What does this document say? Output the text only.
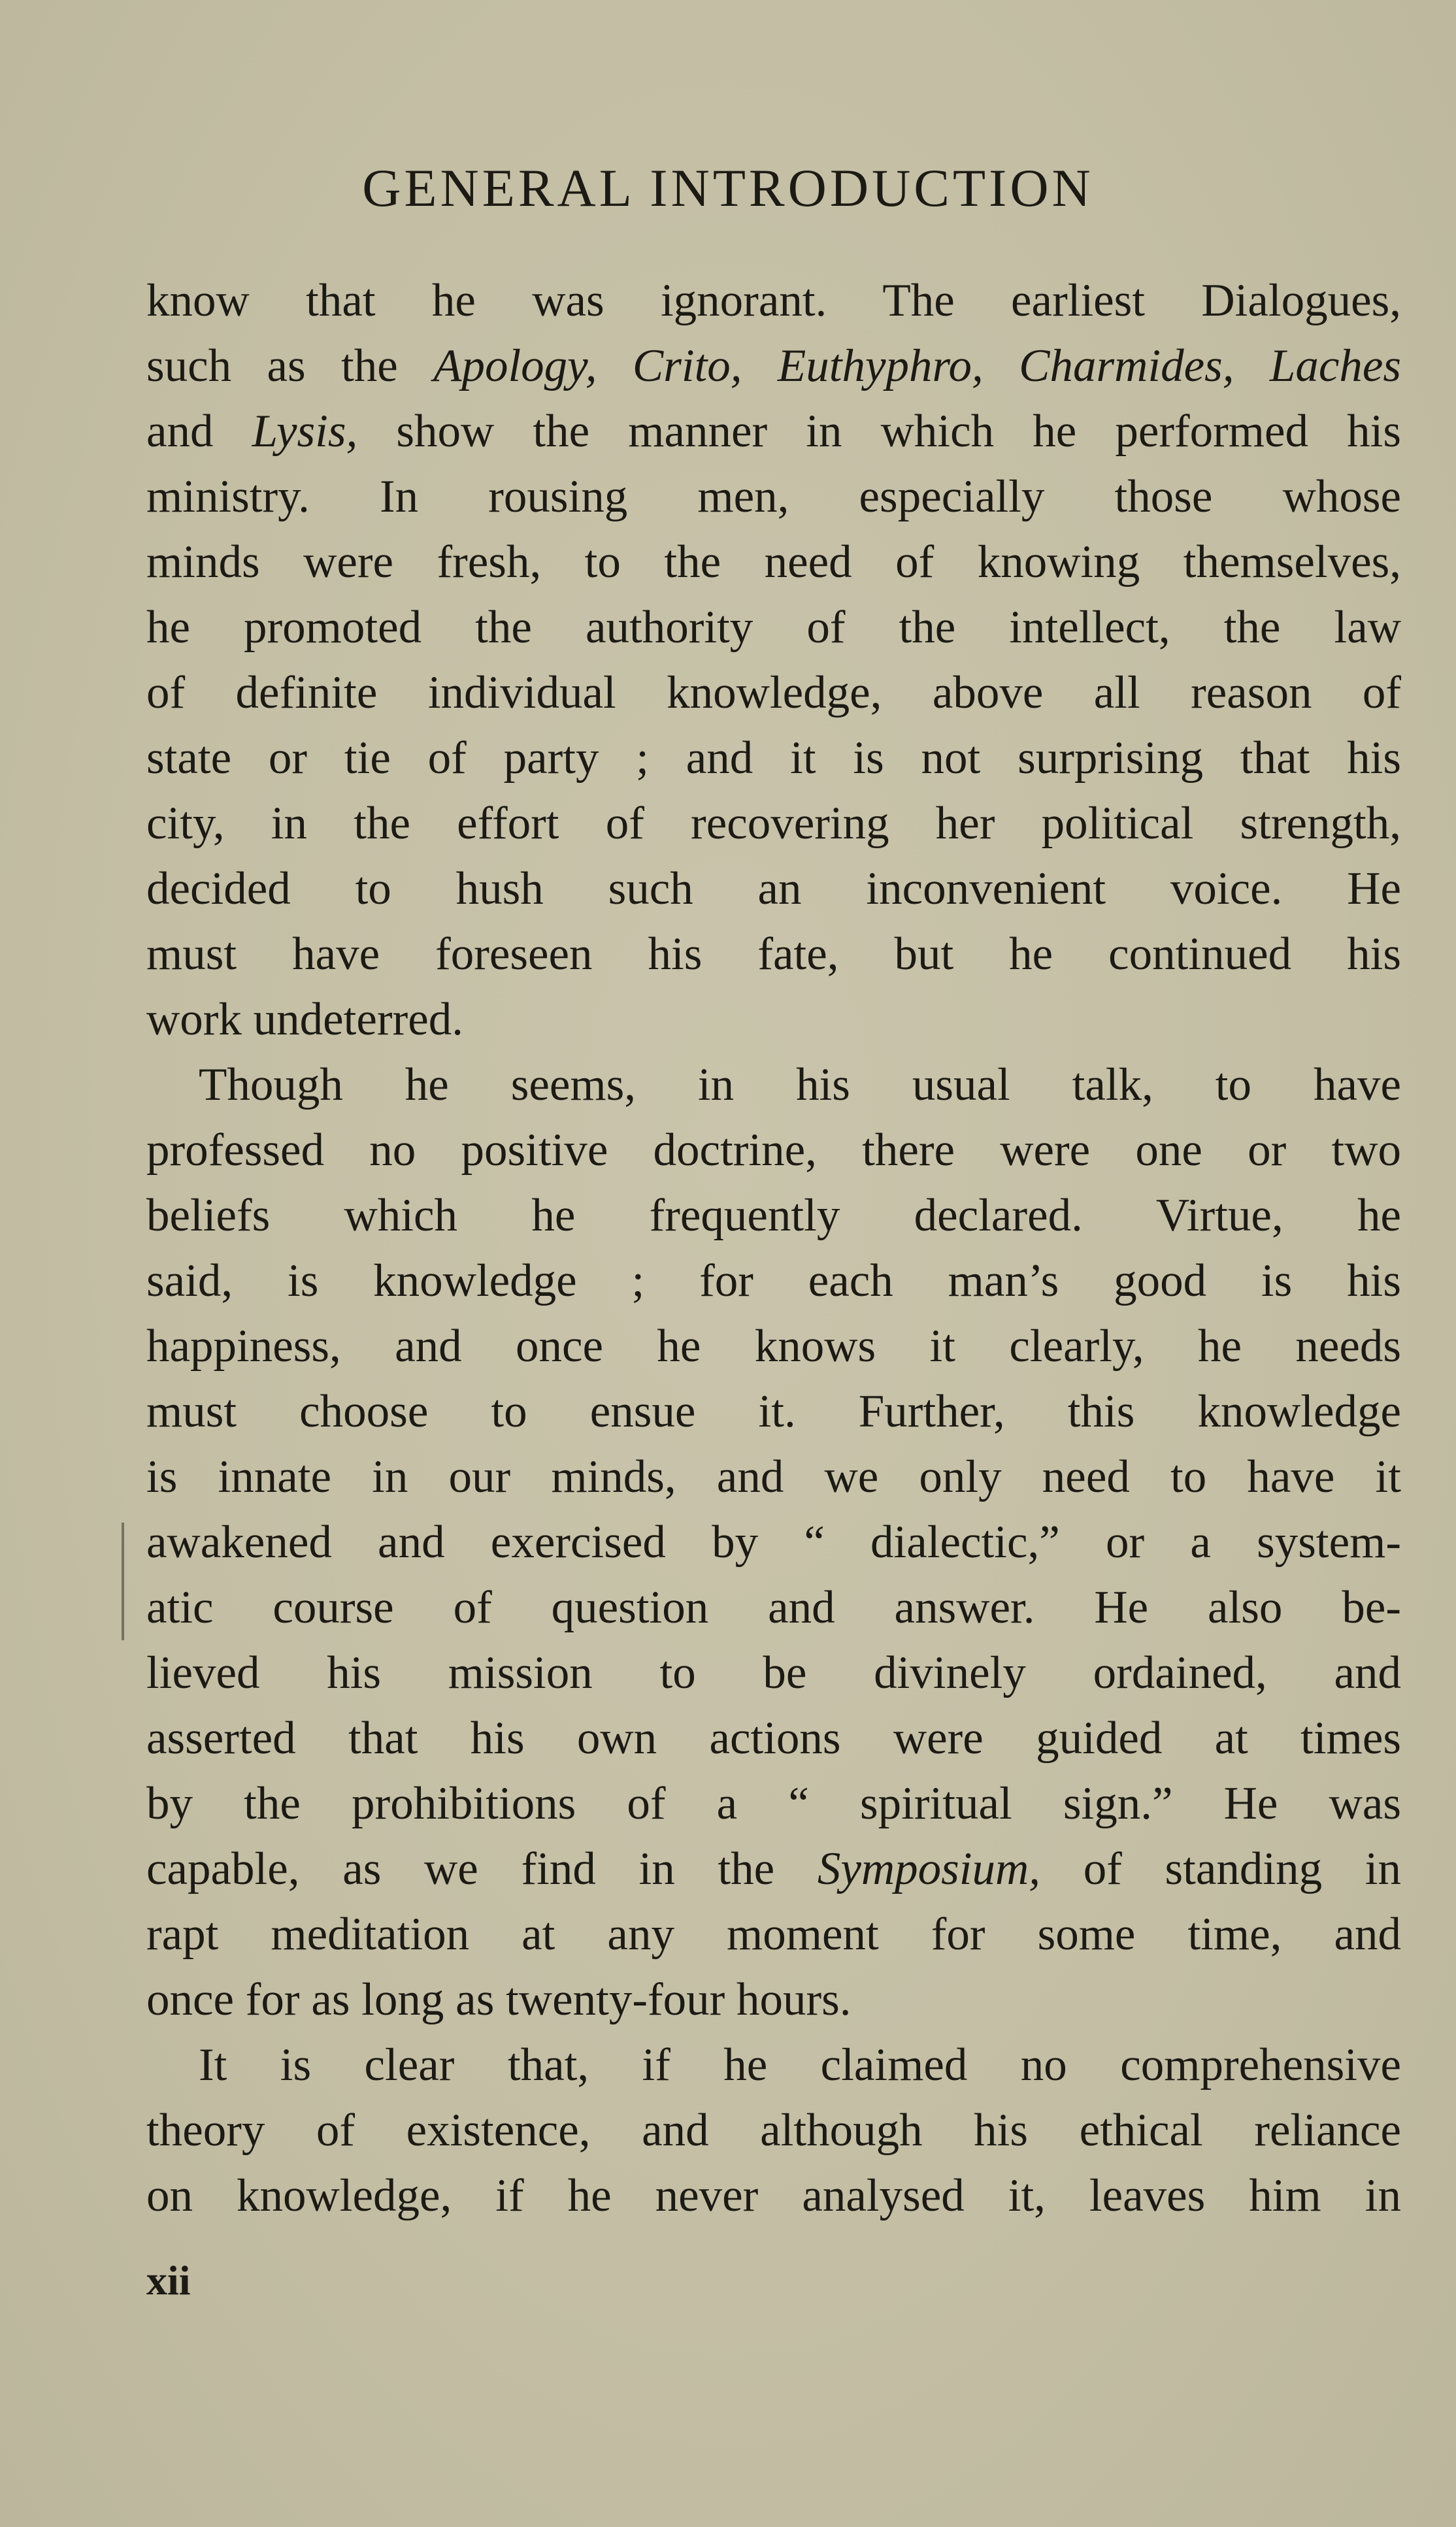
GENERAL INTRODUCTION
know that he was ignorant. The earliest Dialogues,
such as the Apology, Crito, Euthyphro, Charmides, Laches
and Lysis, show the manner in which he performed his
ministry. In rousing men, especially those whose
minds were fresh, to the need of knowing themselves,
he promoted the authority of the intellect, the law
of definite individual knowledge, above all reason of
state or tie of party ; and it is not surprising that his
city, in the effort of recovering her political strength,
decided to hush such an inconvenient voice. He
must have foreseen his fate, but he continued his
work undeterred.
Though he seems, in his usual talk, to have
professed no positive doctrine, there were one or two
beliefs which he frequently declared. Virtue, he
said, is knowledge ; for each man’s good is his
happiness, and once he knows it clearly, he needs
must choose to ensue it. Further, this knowledge
is innate in our minds, and we only need to have it
awakened and exercised by “ dialectic,” or a system-
atic course of question and answer. He also be-
lieved his mission to be divinely ordained, and
asserted that his own actions were guided at times
by the prohibitions of a “ spiritual sign.” He was
capable, as we find in the Symposium, of standing in
rapt meditation at any moment for some time, and
once for as long as twenty-four hours.
It is clear that, if he claimed no comprehensive
theory of existence, and although his ethical reliance
on knowledge, if he never analysed it, leaves him in
xii
